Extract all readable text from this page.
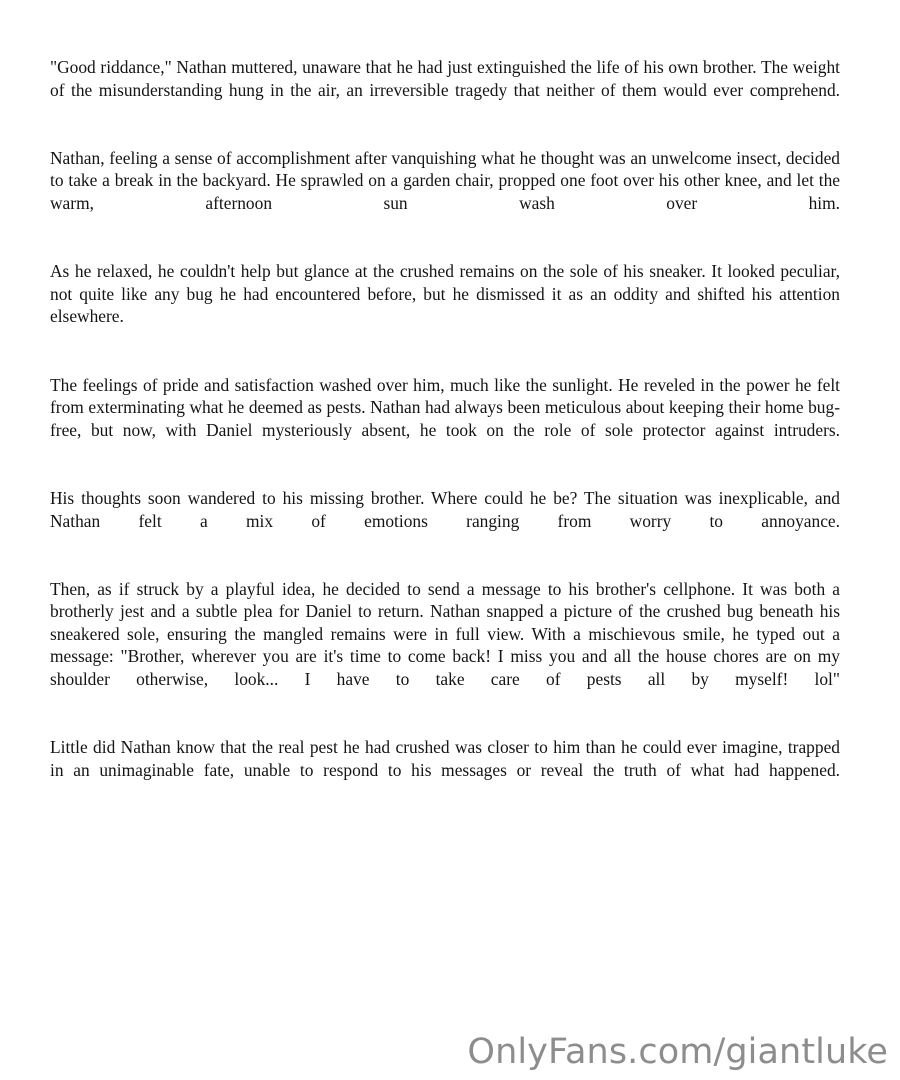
"Good riddance," Nathan muttered, unaware that he had just extinguished the life of his own brother. The weight of the misunderstanding hung in the air, an irreversible tragedy that neither of them would ever comprehend.

Nathan, feeling a sense of accomplishment after vanquishing what he thought was an unwelcome insect, decided to take a break in the backyard. He sprawled on a garden chair, propped one foot over his other knee, and let the warm, afternoon sun wash over him.

As he relaxed, he couldn't help but glance at the crushed remains on the sole of his sneaker. It looked peculiar, not quite like any bug he had encountered before, but he dismissed it as an oddity and shifted his attention elsewhere.

The feelings of pride and satisfaction washed over him, much like the sunlight. He reveled in the power he felt from exterminating what he deemed as pests. Nathan had always been meticulous about keeping their home bug-free, but now, with Daniel mysteriously absent, he took on the role of sole protector against intruders.

His thoughts soon wandered to his missing brother. Where could he be? The situation was inexplicable, and Nathan felt a mix of emotions ranging from worry to annoyance.

Then, as if struck by a playful idea, he decided to send a message to his brother's cellphone. It was both a brotherly jest and a subtle plea for Daniel to return. Nathan snapped a picture of the crushed bug beneath his sneakered sole, ensuring the mangled remains were in full view. With a mischievous smile, he typed out a message: "Brother, wherever you are it's time to come back! I miss you and all the house chores are on my shoulder otherwise, look... I have to take care of pests all by myself! lol"

Little did Nathan know that the real pest he had crushed was closer to him than he could ever imagine, trapped in an unimaginable fate, unable to respond to his messages or reveal the truth of what had happened.

OnlyFans.com/giantluke
